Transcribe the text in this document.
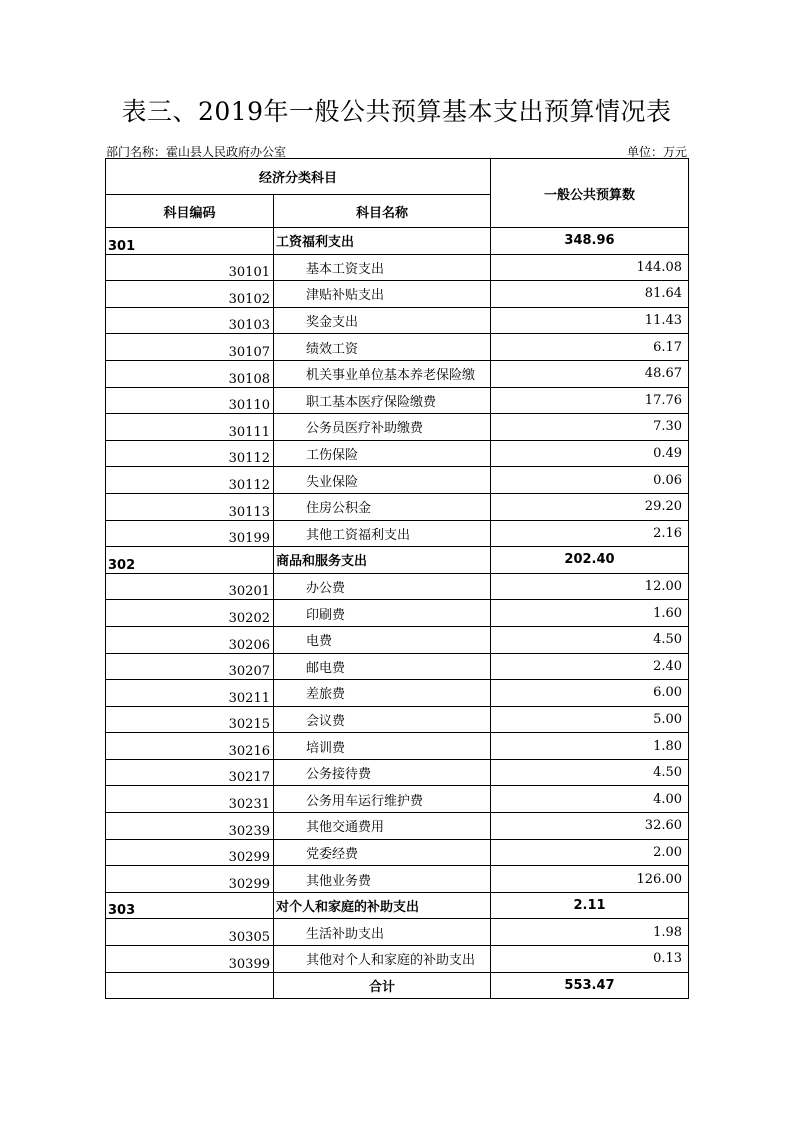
表三、2019年一般公共预算基本支出预算情况表
部门名称：霍山县人民政府办公室	单位：万元
经济分类科目		一般公共预算数
科目编码	科目名称	
301	工资福利支出	348.96
30101	基本工资支出	144.08
30102	津贴补贴支出	81.64
30103	奖金支出	11.43
30107	绩效工资	6.17
30108	机关事业单位基本养老保险缴	48.67
30110	职工基本医疗保险缴费	17.76
30111	公务员医疗补助缴费	7.30
30112	工伤保险	0.49
30112	失业保险	0.06
30113	住房公积金	29.20
30199	其他工资福利支出	2.16
302	商品和服务支出	202.40
30201	办公费	12.00
30202	印刷费	1.60
30206	电费	4.50
30207	邮电费	2.40
30211	差旅费	6.00
30215	会议费	5.00
30216	培训费	1.80
30217	公务接待费	4.50
30231	公务用车运行维护费	4.00
30239	其他交通费用	32.60
30299	党委经费	2.00
30299	其他业务费	126.00
303	对个人和家庭的补助支出	2.11
30305	生活补助支出	1.98
30399	其他对个人和家庭的补助支出	0.13
	合计	553.47
